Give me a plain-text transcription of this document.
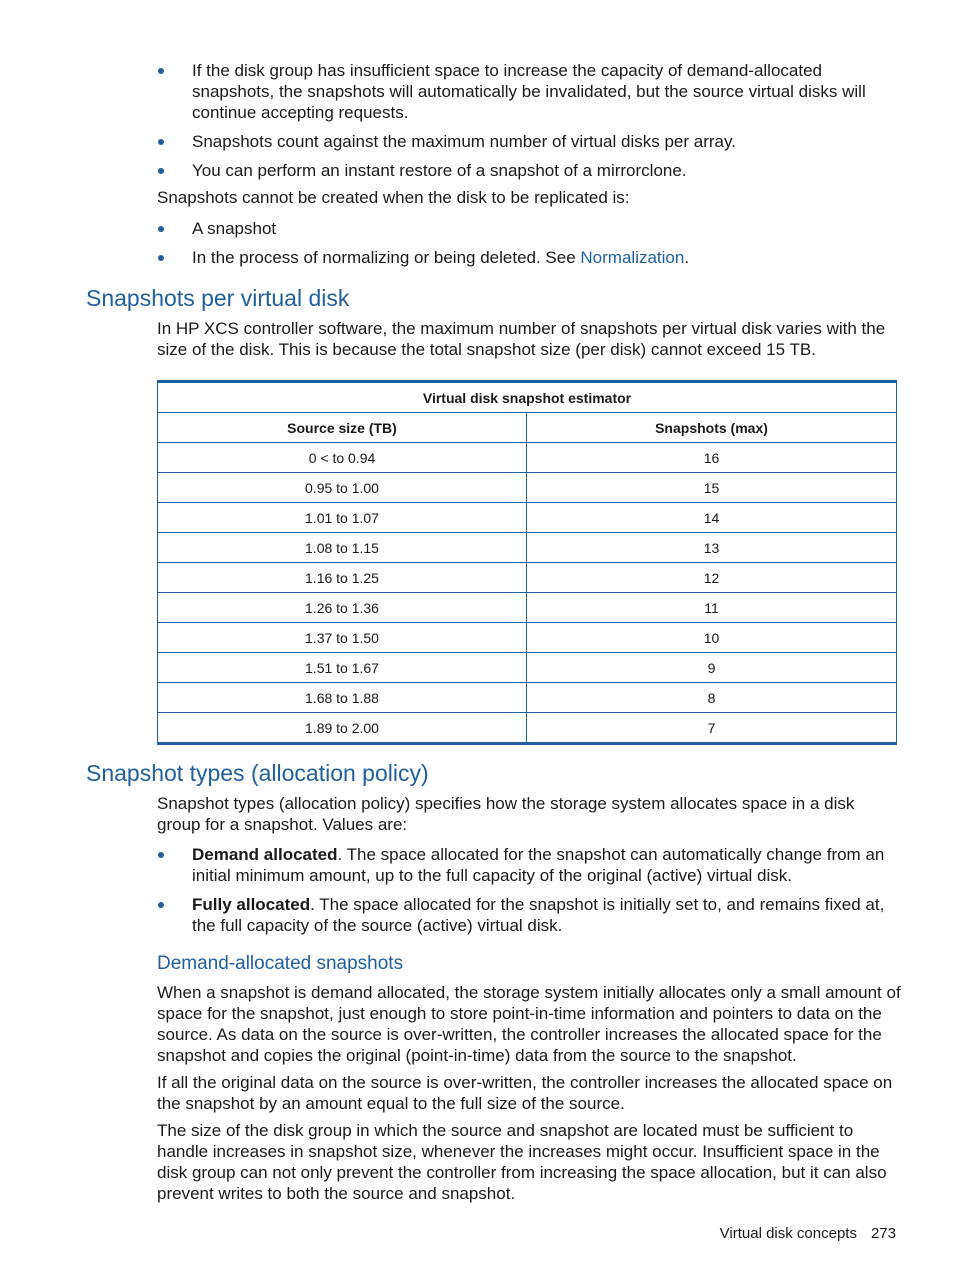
If the disk group has insufficient space to increase the capacity of demand-allocated snapshots, the snapshots will automatically be invalidated, but the source virtual disks will continue accepting requests.
Snapshots count against the maximum number of virtual disks per array.
You can perform an instant restore of a snapshot of a mirrorclone.

Snapshots cannot be created when the disk to be replicated is:

A snapshot
In the process of normalizing or being deleted. See Normalization.
Snapshots per virtual disk

In HP XCS controller software, the maximum number of snapshots per virtual disk varies with the size of the disk. This is because the total snapshot size (per disk) cannot exceed 15 TB.

Virtual disk snapshot estimator	
Source size (TB)	Snapshots (max)
0 < to 0.94	16
0.95 to 1.00	15
1.01 to 1.07	14
1.08 to 1.15	13
1.16 to 1.25	12
1.26 to 1.36	11
1.37 to 1.50	10
1.51 to 1.67	9
1.68 to 1.88	8
1.89 to 2.00	7
Snapshot types (allocation policy)

Snapshot types (allocation policy) specifies how the storage system allocates space in a disk group for a snapshot. Values are:

Demand allocated. The space allocated for the snapshot can automatically change from an initial minimum amount, up to the full capacity of the original (active) virtual disk.
Fully allocated. The space allocated for the snapshot is initially set to, and remains fixed at, the full capacity of the source (active) virtual disk.
Demand-allocated snapshots

When a snapshot is demand allocated, the storage system initially allocates only a small amount of space for the snapshot, just enough to store point-in-time information and pointers to data on the source. As data on the source is over-written, the controller increases the allocated space for the snapshot and copies the original (point-in-time) data from the source to the snapshot.

If all the original data on the source is over-written, the controller increases the allocated space on the snapshot by an amount equal to the full size of the source.

The size of the disk group in which the source and snapshot are located must be sufficient to handle increases in snapshot size, whenever the increases might occur. Insufficient space in the disk group can not only prevent the controller from increasing the space allocation, but it can also prevent writes to both the source and snapshot.

Virtual disk concepts 273
